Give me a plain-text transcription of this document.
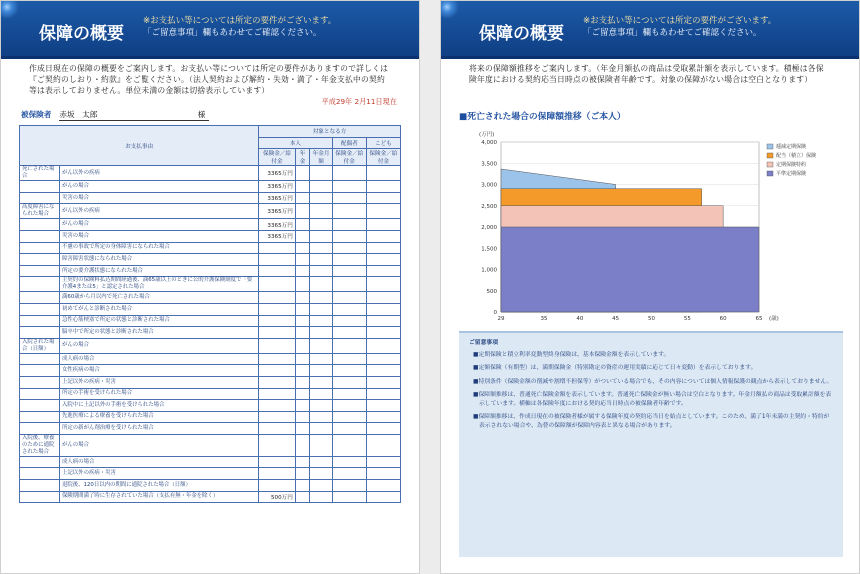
保障の概要
※お支払い等については所定の要件がございます。
「ご留意事項」欄もあわせてご確認ください。
作成日現在の保障の概要をご案内します。お支払い等については所定の要件がありますので詳しくは『ご契約のしおり・約款』をご覧ください。（法人契約および解約・失効・満了・年金支払中の契約等は表示しておりません。単位未満の金額は切捨表示しています）
平成29年 2月11日現在
被保険者 赤坂　太郎	様
お支払事由		対象となる方				
		本人			配偶者	こども
		保険金／給付金	年金	年金月額	保険金／給付金	保険金／給付金
死亡された場合	がん以外の疾病	3365万円				
	がんの場合	3365万円				
	災害の場合	3365万円				
高度障害になられた場合	がん以外の疾病	3365万円				
	がんの場合	3365万円				
	災害の場合	3365万円				
	不慮の事故で所定の身体障害になられた場合					
	障害障害状態になられた場合					
	所定の要介護状態になられた場合					
	主契約の保険料払込期間経過後、満65歳以上のときに公的介護保険制度で「要介護4または5」と認定された場合					
	満60歳から月以内で死亡された場合					
	初めてがんと診断された場合					
	急性心筋梗塞で所定の状態と診断された場合					
	脳卒中で所定の状態と診断された場合					
入院された場合（日額）	がんの場合					
	成人病の場合					
	女性疾病の場合					
	上記以外の疾病・災害					
	所定の手術を受けられた場合					
	入院中に上記以外の手術を受けられた場合					
	先進医療による療養を受けられた場合					
	所定の新がん剤治療を受けられた場合					
入院後、療養のために通院された場合	がんの場合					
	成人病の場合					
	上記以外の疾病・災害					
	退院後、120日以内の期間に通院された場合（日額）					
	保険期間満了時に生存されていた場合（支払有無・年金を除く）	500万円				
保障の概要
※お支払い等については所定の要件がございます。
「ご留意事項」欄もあわせてご確認ください。
将来の保障額推移をご案内します。（年金月額払の商品は受取累計額を表示しています。積極は各保険年度における契約応当日時点の被保険者年齢です。対象の保障がない場合は空白となります）
■死亡された場合の保障額推移（ご本人）
0
500
1,000
1,500
2,000
2,500
3,000
3,500
4,000
(万円)
29	35	40	45	50	55	60	65 (歳)
逓減定期保険
配当（積立）保険
定期保険特約
平準定期保険
ご留意事項

■定期保険と積立利率変動型終身保険は、基本保険金額を表示しています。

■定額保険（有期型）は、満期保険金（特別勘定の資産の運用実績に応じて日々変動）を表示しております。

■特別条件（保険金額の削減や割増不担保等）がついている場合でも、その内容については個人情報保護の観点から表示しておりません。

■保障額推移は、普通死亡保険金額を表示しています。普通死亡保険金が無い場合は空白となります。年金月額払の商品は受取累計額を表示しています。横軸は各保険年度における契約応当日時点の被保険者年齢です。

■保障額推移は、作成日現在の被保険者様が属する保険年度の契約応当日を始点としています。このため、満了1年未満の主契約・特約が表示されない場合や、為替の保障額が保障内容表と異なる場合があります。
